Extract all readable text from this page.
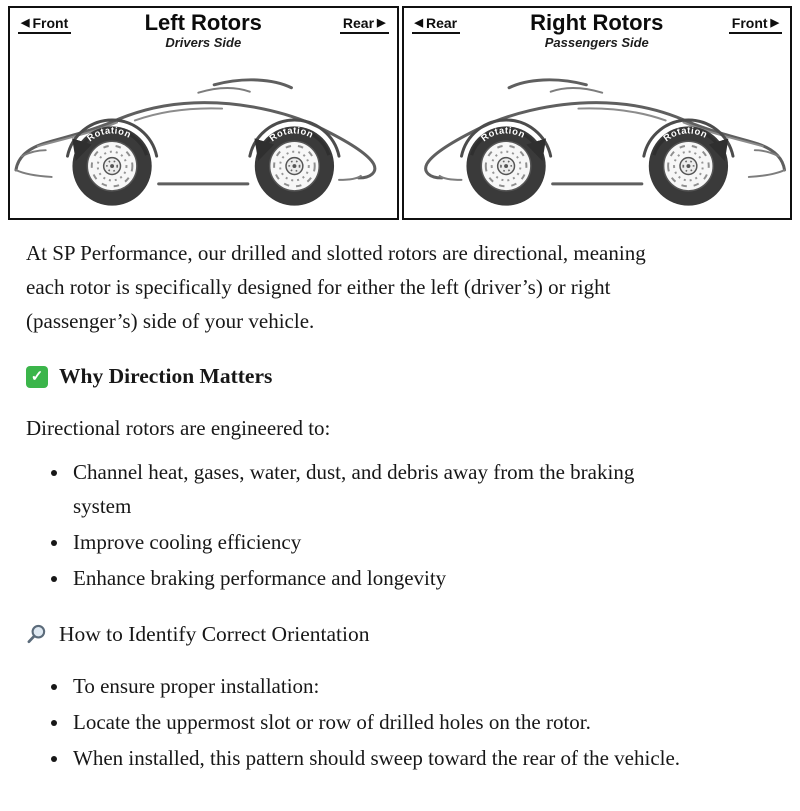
◀ Front	Left Rotors
Drivers Side
Rear ▶
Rotation	Rotation
◀ Rear	Right Rotors
Passengers Side
Front ▶
Rotation	Rotation

At SP Performance, our drilled and slotted rotors are directional, meaning each rotor is specifically designed for either the left (driver’s) or right (passenger’s) side of your vehicle.

✓ Why Direction Matters

Directional rotors are engineered to:

• Channel heat, gases, water, dust, and debris away from the braking system
• Improve cooling efficiency
• Enhance braking performance and longevity
How to Identify Correct Orientation
• To ensure proper installation:
• Locate the uppermost slot or row of drilled holes on the rotor.
• When installed, this pattern should sweep toward the rear of the vehicle.
